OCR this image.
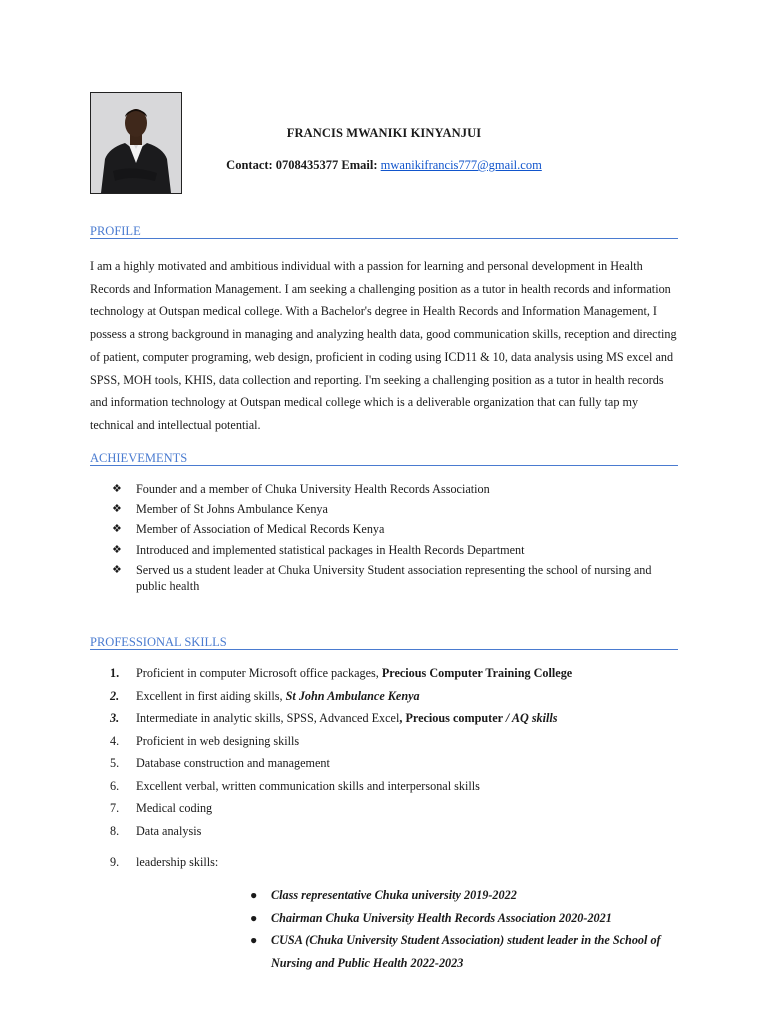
FRANCIS MWANIKI KINYANJUI
Contact: 0708435377 Email: mwanikifrancis777@gmail.com
PROFILE
I am a highly motivated and ambitious individual with a passion for learning and personal development in Health Records and Information Management. I am seeking a challenging position as a tutor in health records and information technology at Outspan medical college. With a Bachelor's degree in Health Records and Information Management, I possess a strong background in managing and analyzing health data, good communication skills, reception and directing of patient, computer programing, web design, proficient in coding using ICD11 & 10, data analysis using MS excel and SPSS, MOH tools, KHIS, data collection and reporting. I'm seeking a challenging position as a tutor in health records and information technology at Outspan medical college which is a deliverable organization that can fully tap my technical and intellectual potential.
ACHIEVEMENTS
❖ Founder and a member of Chuka University Health Records Association
❖ Member of St Johns Ambulance Kenya
❖ Member of Association of Medical Records Kenya
❖ Introduced and implemented statistical packages in Health Records Department
❖ Served us a student leader at Chuka University Student association representing the school of nursing and public health
PROFESSIONAL SKILLS
1.	Proficient in computer Microsoft office packages, Precious Computer Training College
2.	Excellent in first aiding skills, St John Ambulance Kenya
3.	Intermediate in analytic skills, SPSS, Advanced Excel, Precious computer / AQ skills
4.	Proficient in web designing skills
5.	Database construction and management
6.	Excellent verbal, written communication skills and interpersonal skills
7.	Medical coding
8.	Data analysis
9.	leadership skills:
● Class representative Chuka university 2019-2022
● Chairman Chuka University Health Records Association 2020-2021
● CUSA (Chuka University Student Association) student leader in the School of Nursing and Public Health 2022-2023
